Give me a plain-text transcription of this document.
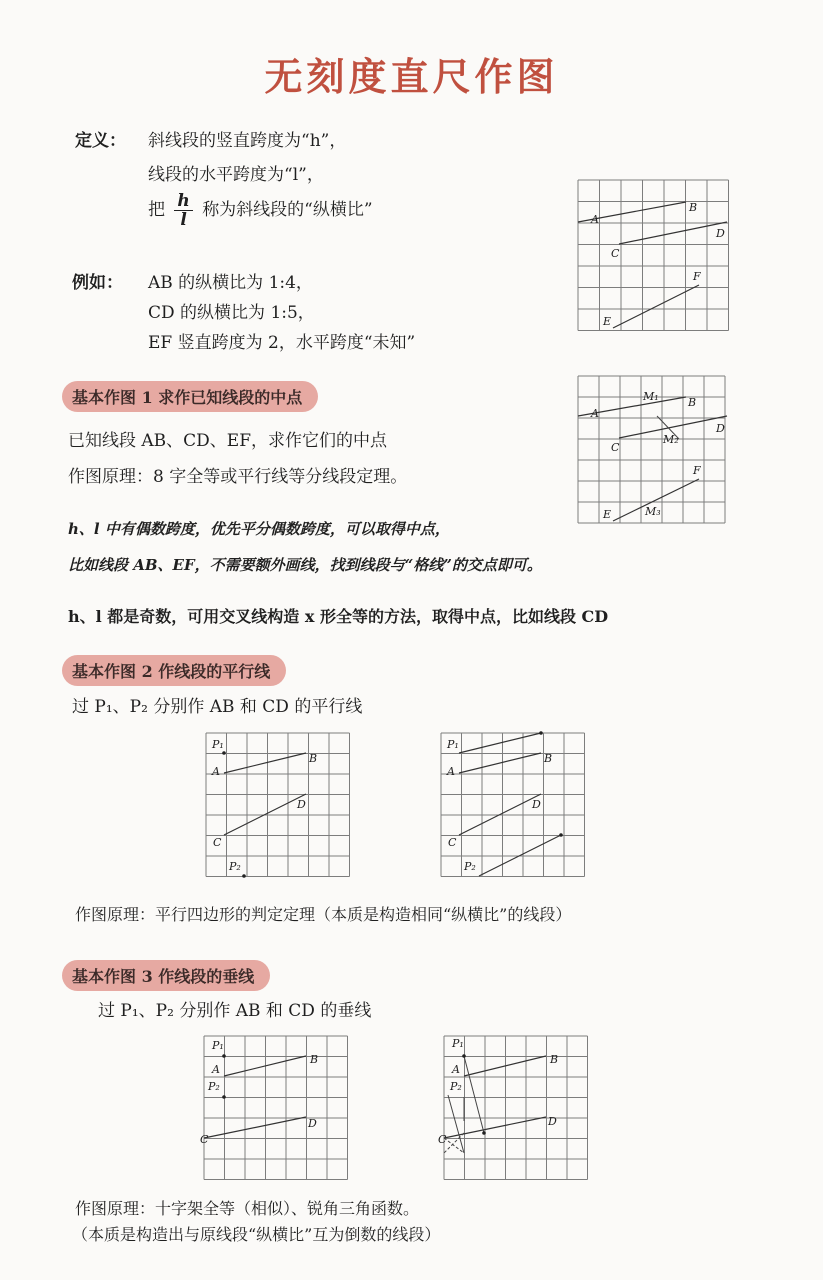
无刻度直尺作图
定义： 斜线段的竖直跨度为“h”，
线段的水平跨度为“l”，
把 $\frac{h}{l}$ 称为斜线段的“纵横比”
例如： AB 的纵横比为 1:4，
CD 的纵横比为 1:5，
EF 竖直跨度为 2，水平跨度“未知”
A
B
C
D
E
F
基本作图 1 求作已知线段的中点
已知线段 AB、CD、EF，求作它们的中点
作图原理：8 字全等或平行线等分线段定理。
h、l 中有偶数跨度，优先平分偶数跨度，可以取得中点，
比如线段 AB、EF，不需要额外画线，找到线段与“格线”的交点即可。
h、l 都是奇数，可用交叉线构造 x 形全等的方法，取得中点，比如线段 CD
A
B
M₁
C
D
M₂
E
F
M₃
基本作图 2 作线段的平行线
过 P₁、P₂ 分别作 AB 和 CD 的平行线
P₁
A
B
C
D
P₂
P₁
A
B
C
D
P₂
作图原理：平行四边形的判定定理（本质是构造相同“纵横比”的线段）
基本作图 3 作线段的垂线
过 P₁、P₂ 分别作 AB 和 CD 的垂线
P₁
A
B
P₂
C
D
P₁
A
B
P₂
C
D
作图原理：十字架全等（相似）、锐角三角函数。
（本质是构造出与原线段“纵横比”互为倒数的线段）
